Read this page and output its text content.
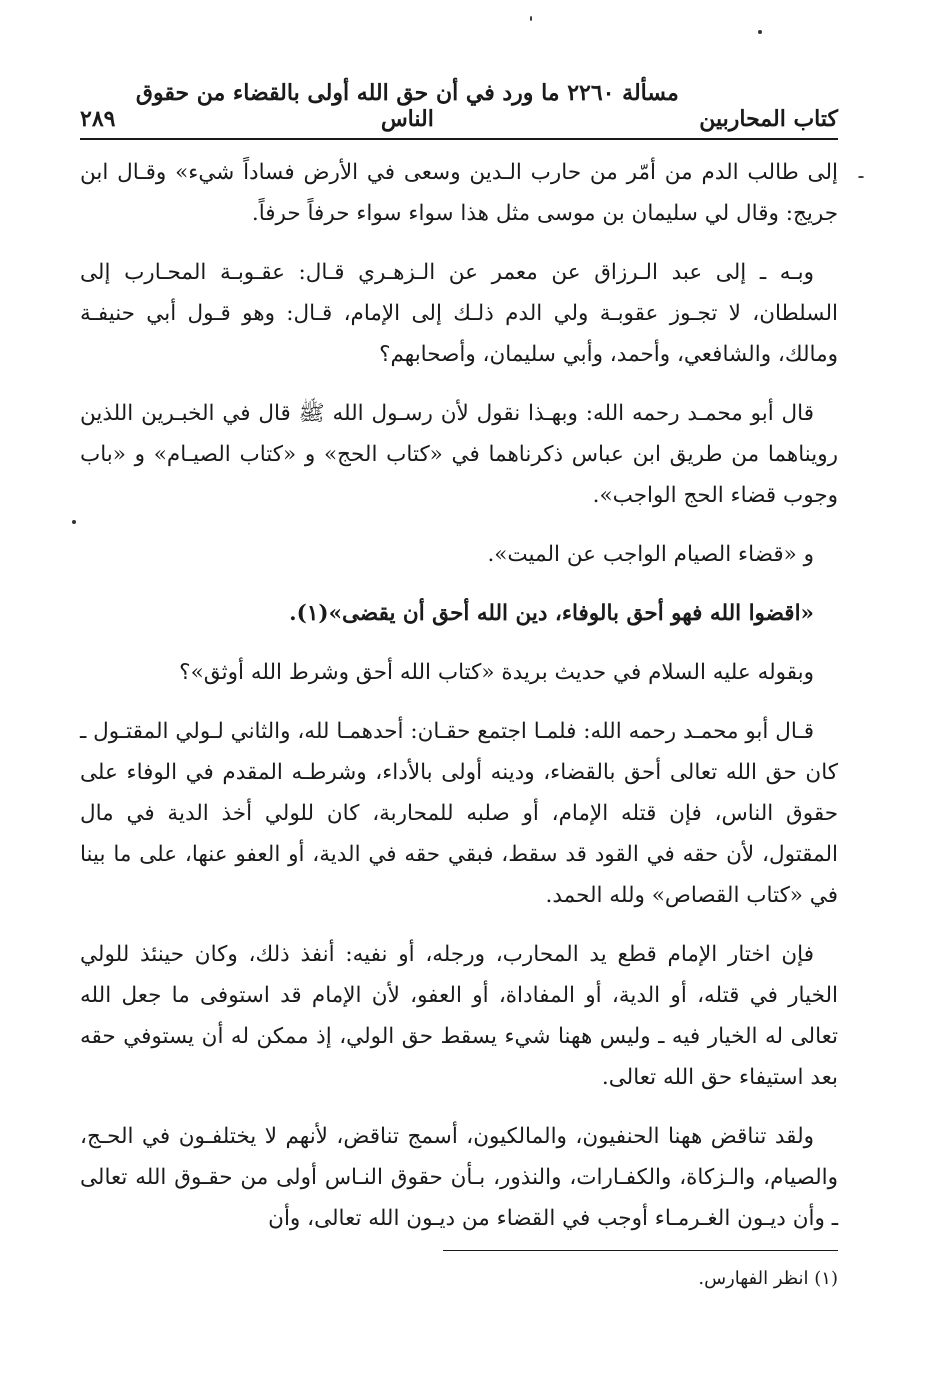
كتاب المحاربين
مسألة ٢٢٦٠ ما ورد في أن حق الله أولى بالقضاء من حقوق الناس
٢٨٩

إلى طالب الدم من أمّر من حارب الـدين وسعى في الأرض فساداً شيء» وقـال ابن جريج: وقال لي سليمان بن موسى مثل هذا سواء سواء حرفاً حرفاً.

وبـه ـ إلى عبد الـرزاق عن معمر عن الـزهـري قـال: عقـوبـة المحـارب إلى السلطان، لا تجـوز عقوبـة ولي الدم ذلـك إلى الإمام، قـال: وهو قـول أبي حنيفـة ومالك، والشافعي، وأحمد، وأبي سليمان، وأصحابهم؟

قال أبو محمـد رحمه الله: وبهـذا نقول لأن رسـول الله ﷺ قال في الخبـرين اللذين رويناهما من طريق ابن عباس ذكرناهما في «كتاب الحج» و «كتاب الصيـام» و «باب وجوب قضاء الحج الواجب».

و «قضاء الصيام الواجب عن الميت».

«اقضوا الله فهو أحق بالوفاء، دين الله أحق أن يقضى»(١).

وبقوله عليه السلام في حديث بريدة «كتاب الله أحق وشرط الله أوثق»؟

قـال أبو محمـد رحمه الله: فلمـا اجتمع حقـان: أحدهمـا لله، والثاني لـولي المقتـول ـ كان حق الله تعالى أحق بالقضاء، ودينه أولى بالأداء، وشرطـه المقدم في الوفاء على حقوق الناس، فإن قتله الإمام، أو صلبه للمحاربة، كان للولي أخذ الدية في مال المقتول، لأن حقه في القود قد سقط، فبقي حقه في الدية، أو العفو عنها، على ما بينا في «كتاب القصاص» ولله الحمد.

فإن اختار الإمام قطع يد المحارب، ورجله، أو نفيه: أنفذ ذلك، وكان حينئذ للولي الخيار في قتله، أو الدية، أو المفاداة، أو العفو، لأن الإمام قد استوفى ما جعل الله تعالى له الخيار فيه ـ وليس ههنا شيء يسقط حق الولي، إذ ممكن له أن يستوفي حقه بعد استيفاء حق الله تعالى.

ولقد تناقض ههنا الحنفيون، والمالكيون، أسمج تناقض، لأنهم لا يختلفـون في الحـج، والصيام، والـزكاة، والكفـارات، والنذور، بـأن حقوق النـاس أولى من حقـوق الله تعالى ـ وأن ديـون الغـرمـاء أوجب في القضاء من ديـون الله تعالى، وأن

(١) انظر الفهارس.
